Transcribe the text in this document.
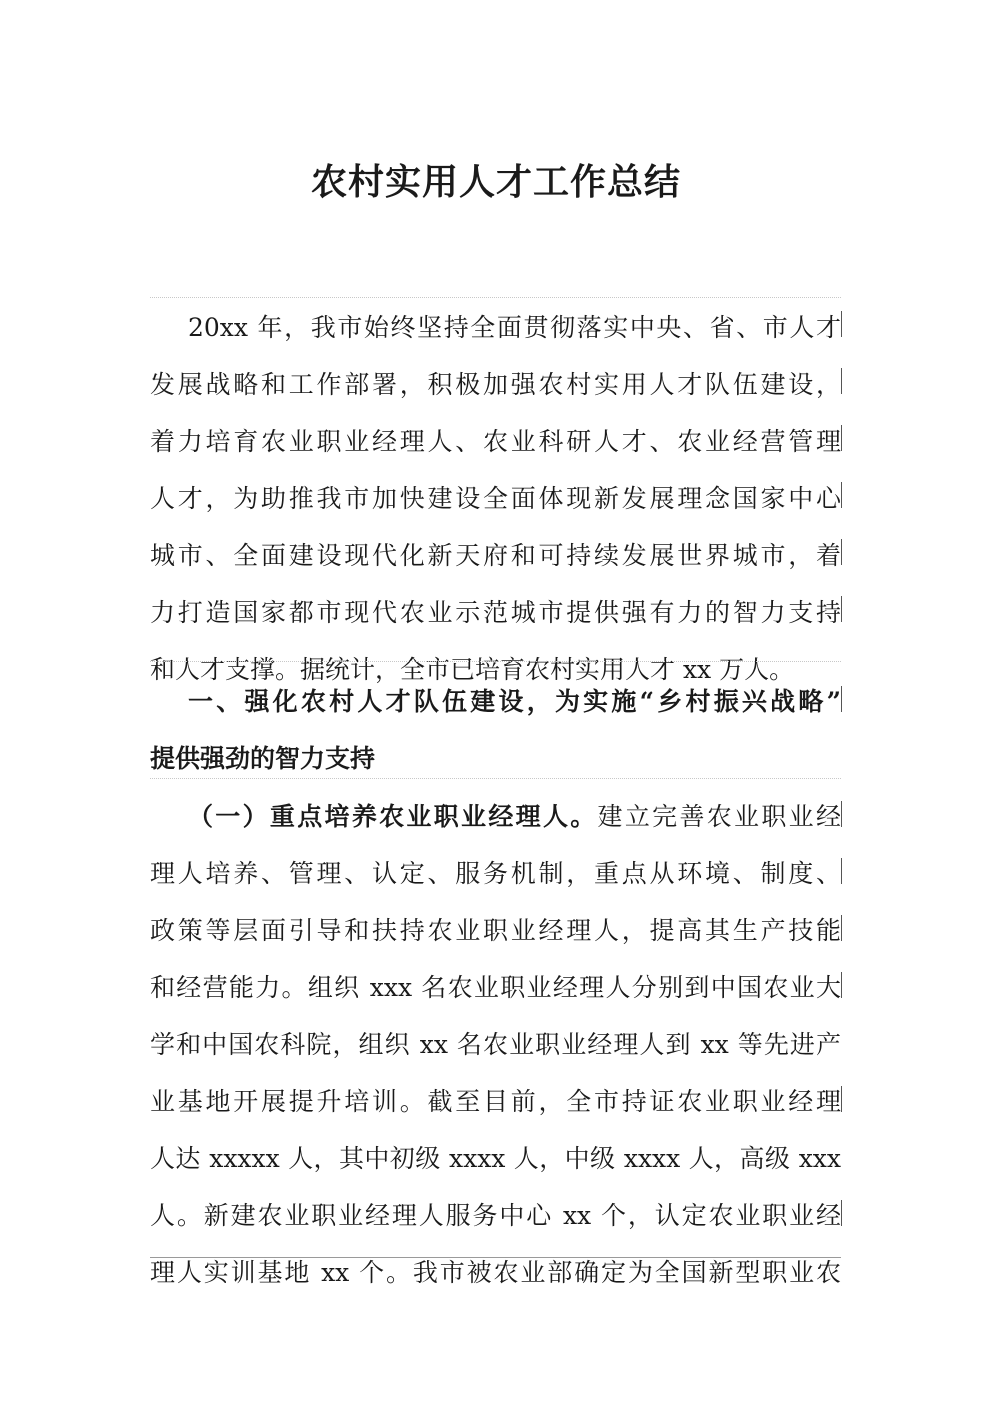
农村实用人才工作总结
20xx 年，我市始终坚持全面贯彻落实中央、省、市人才
发展战略和工作部署，积极加强农村实用人才队伍建设，
着力培育农业职业经理人、农业科研人才、农业经营管理
人才，为助推我市加快建设全面体现新发展理念国家中心
城市、全面建设现代化新天府和可持续发展世界城市，着
力打造国家都市现代农业示范城市提供强有力的智力支持
和人才支撑。据统计，全市已培育农村实用人才 xx 万人。
一、强化农村人才队伍建设，为实施“乡村振兴战略”
提供强劲的智力支持
（一）重点培养农业职业经理人。建立完善农业职业经
理人培养、管理、认定、服务机制，重点从环境、制度、
政策等层面引导和扶持农业职业经理人，提高其生产技能
和经营能力。组织 xxx 名农业职业经理人分别到中国农业大
学和中国农科院，组织 xx 名农业职业经理人到 xx 等先进产
业基地开展提升培训。截至目前，全市持证农业职业经理
人达 xxxxx 人，其中初级 xxxx 人，中级 xxxx 人，高级 xxx
人。新建农业职业经理人服务中心 xx 个，认定农业职业经
理人实训基地 xx 个。我市被农业部确定为全国新型职业农
